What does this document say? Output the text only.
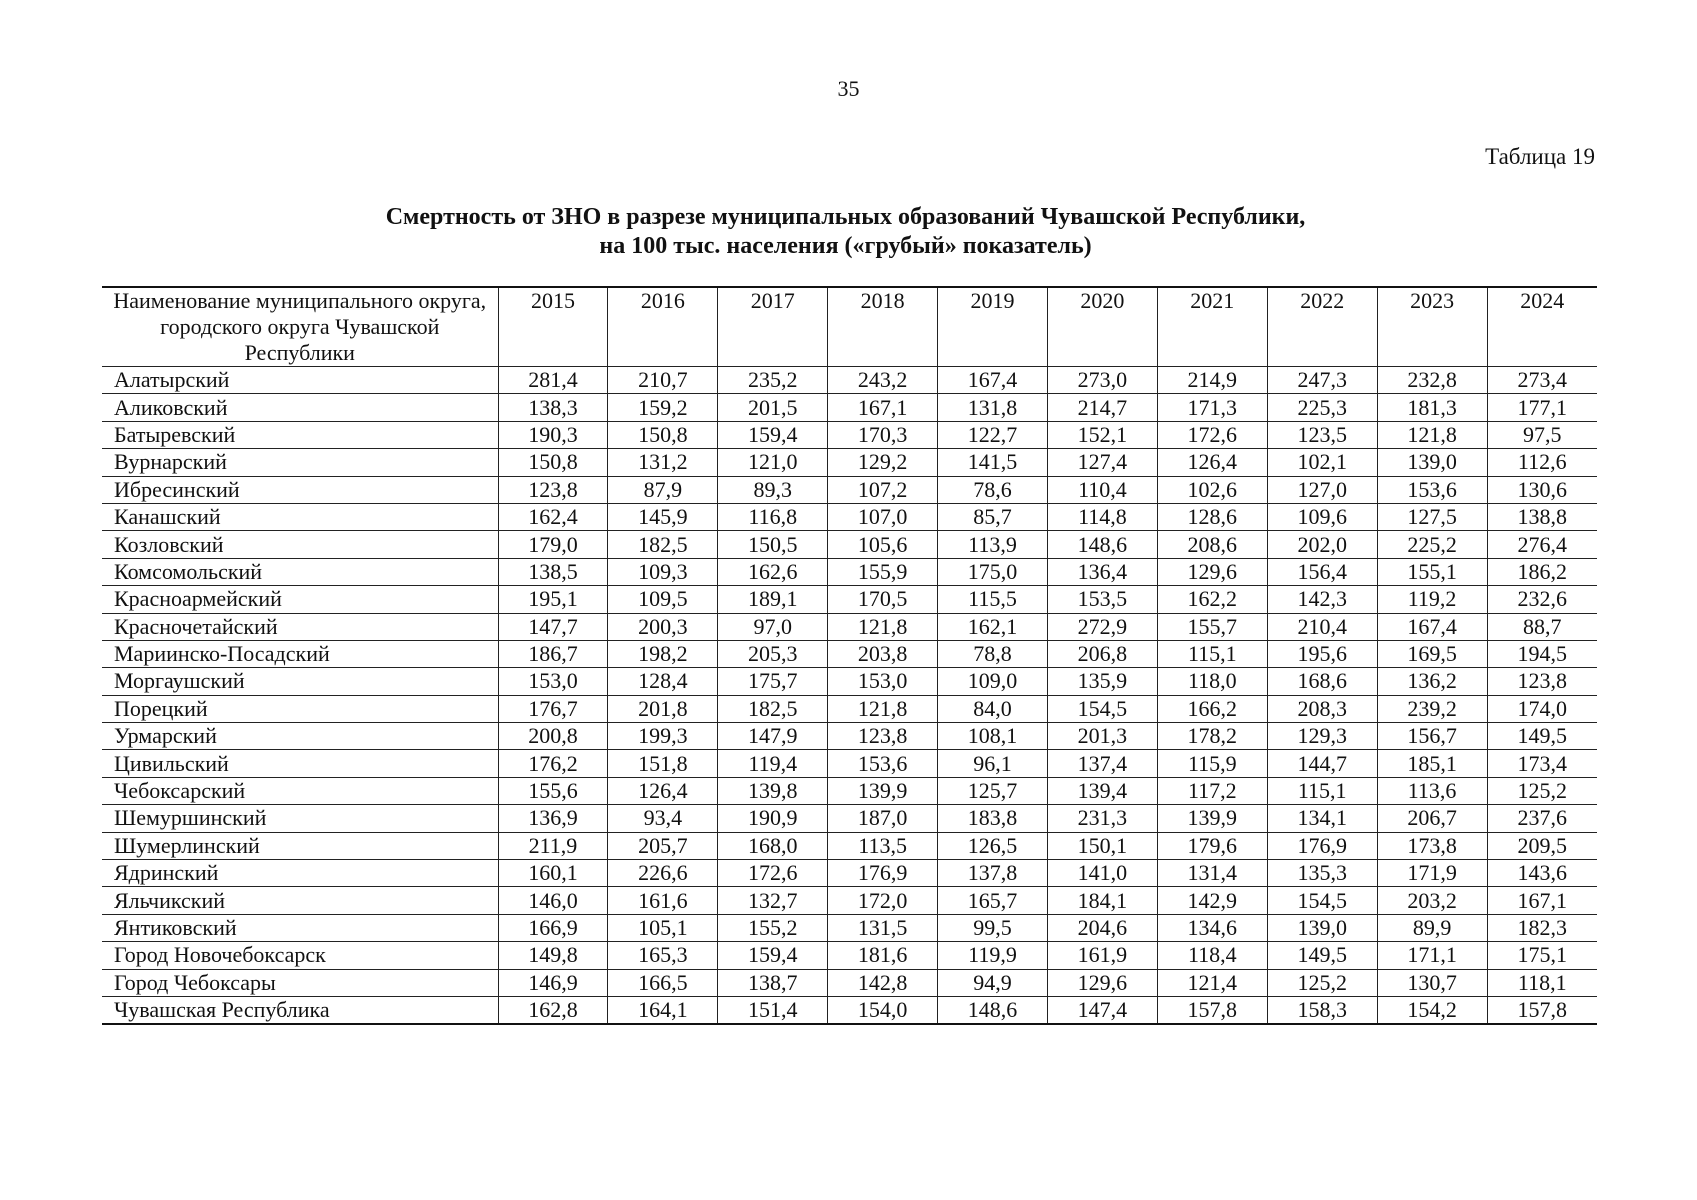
35
Таблица 19
Смертность от ЗНО в разрезе муниципальных образований Чувашской Республики,
на 100 тыс. населения («грубый» показатель)
Наименование муниципального округа, городского округа Чувашской Республики	2015	2016	2017	2018	2019	2020	2021	2022	2023	2024
Алатырский	281,4	210,7	235,2	243,2	167,4	273,0	214,9	247,3	232,8	273,4
Аликовский	138,3	159,2	201,5	167,1	131,8	214,7	171,3	225,3	181,3	177,1
Батыревский	190,3	150,8	159,4	170,3	122,7	152,1	172,6	123,5	121,8	97,5
Вурнарский	150,8	131,2	121,0	129,2	141,5	127,4	126,4	102,1	139,0	112,6
Ибресинский	123,8	87,9	89,3	107,2	78,6	110,4	102,6	127,0	153,6	130,6
Канашский	162,4	145,9	116,8	107,0	85,7	114,8	128,6	109,6	127,5	138,8
Козловский	179,0	182,5	150,5	105,6	113,9	148,6	208,6	202,0	225,2	276,4
Комсомольский	138,5	109,3	162,6	155,9	175,0	136,4	129,6	156,4	155,1	186,2
Красноармейский	195,1	109,5	189,1	170,5	115,5	153,5	162,2	142,3	119,2	232,6
Красночетайский	147,7	200,3	97,0	121,8	162,1	272,9	155,7	210,4	167,4	88,7
Мариинско-Посадский	186,7	198,2	205,3	203,8	78,8	206,8	115,1	195,6	169,5	194,5
Моргаушский	153,0	128,4	175,7	153,0	109,0	135,9	118,0	168,6	136,2	123,8
Порецкий	176,7	201,8	182,5	121,8	84,0	154,5	166,2	208,3	239,2	174,0
Урмарский	200,8	199,3	147,9	123,8	108,1	201,3	178,2	129,3	156,7	149,5
Цивильский	176,2	151,8	119,4	153,6	96,1	137,4	115,9	144,7	185,1	173,4
Чебоксарский	155,6	126,4	139,8	139,9	125,7	139,4	117,2	115,1	113,6	125,2
Шемуршинский	136,9	93,4	190,9	187,0	183,8	231,3	139,9	134,1	206,7	237,6
Шумерлинский	211,9	205,7	168,0	113,5	126,5	150,1	179,6	176,9	173,8	209,5
Ядринский	160,1	226,6	172,6	176,9	137,8	141,0	131,4	135,3	171,9	143,6
Яльчикский	146,0	161,6	132,7	172,0	165,7	184,1	142,9	154,5	203,2	167,1
Янтиковский	166,9	105,1	155,2	131,5	99,5	204,6	134,6	139,0	89,9	182,3
Город Новочебоксарск	149,8	165,3	159,4	181,6	119,9	161,9	118,4	149,5	171,1	175,1
Город Чебоксары	146,9	166,5	138,7	142,8	94,9	129,6	121,4	125,2	130,7	118,1
Чувашская Республика	162,8	164,1	151,4	154,0	148,6	147,4	157,8	158,3	154,2	157,8
